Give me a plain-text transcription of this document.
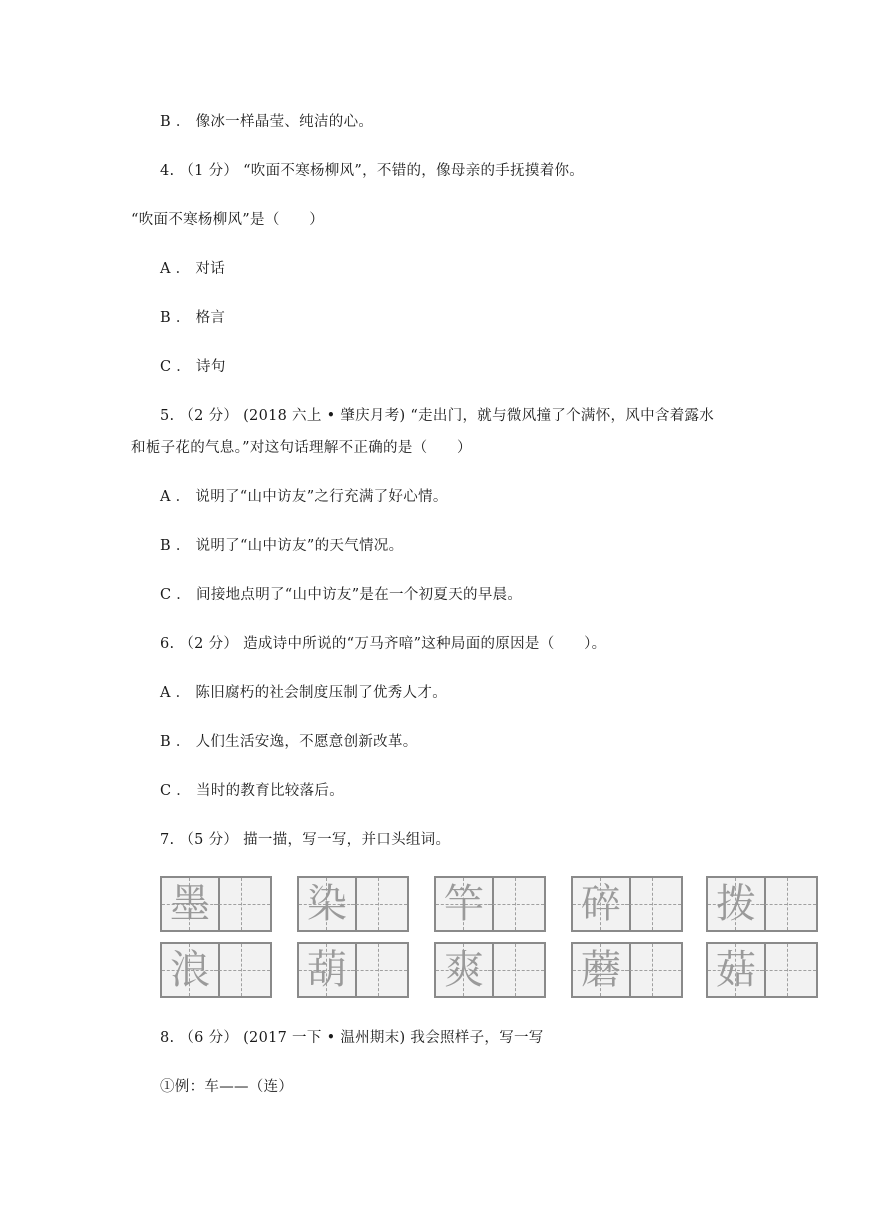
B ． 像冰一样晶莹、纯洁的心。
4. （1 分） “吹面不寒杨柳风”，不错的，像母亲的手抚摸着你。
“吹面不寒杨柳风”是（　　）
A ． 对话
B ． 格言
C ． 诗句
5. （2 分） (2018 六上 • 肇庆月考) “走出门，就与微风撞了个满怀，风中含着露水
和栀子花的气息。”对这句话理解不正确的是（　　）
A ． 说明了“山中访友”之行充满了好心情。
B ． 说明了“山中访友”的天气情况。
C ． 间接地点明了“山中访友”是在一个初夏天的早晨。
6. （2 分） 造成诗中所说的“万马齐喑”这种局面的原因是（　　）。
A ． 陈旧腐朽的社会制度压制了优秀人才。
B ． 人们生活安逸，不愿意创新改革。
C ． 当时的教育比较落后。
7. （5 分） 描一描，写一写，并口头组词。
墨 染 竿 碎 拨
浪 葫 爽 蘑 菇
8. （6 分） (2017 一下 • 温州期末) 我会照样子，写一写
①例：车——（连）
